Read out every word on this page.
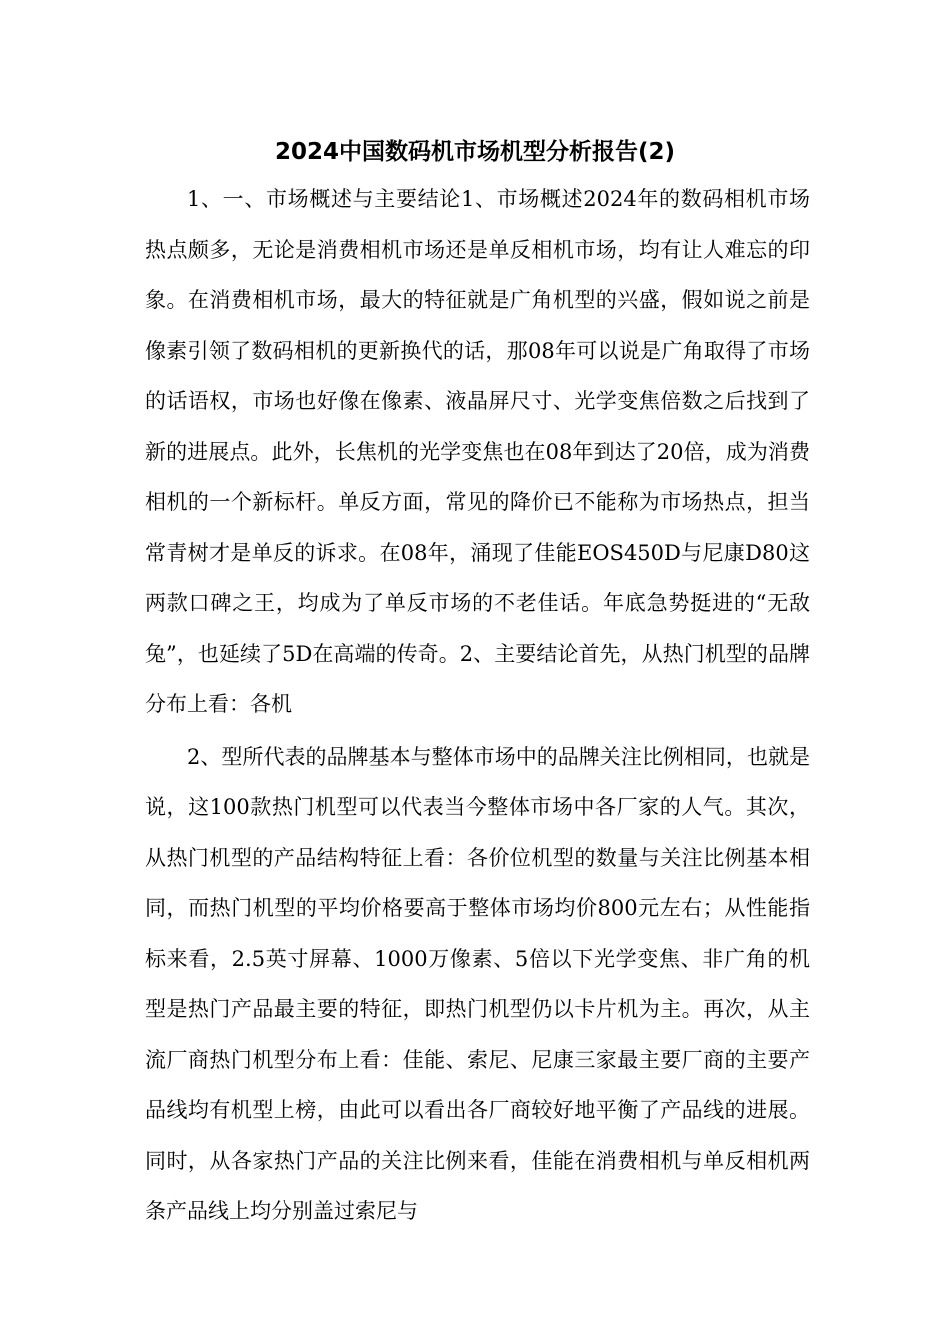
2024中国数码机市场机型分析报告(2)

1、一、市场概述与主要结论1、市场概述2024年的数码相机市场热点颇多，无论是消费相机市场还是单反相机市场，均有让人难忘的印象。在消费相机市场，最大的特征就是广角机型的兴盛，假如说之前是像素引领了数码相机的更新换代的话，那08年可以说是广角取得了市场的话语权，市场也好像在像素、液晶屏尺寸、光学变焦倍数之后找到了新的进展点。此外，长焦机的光学变焦也在08年到达了20倍，成为消费相机的一个新标杆。单反方面，常见的降价已不能称为市场热点，担当常青树才是单反的诉求。在08年，涌现了佳能EOS450D与尼康D80这两款口碑之王，均成为了单反市场的不老佳话。年底急势挺进的“无敌兔”，也延续了5D在高端的传奇。2、主要结论首先，从热门机型的品牌分布上看：各机

2、型所代表的品牌基本与整体市场中的品牌关注比例相同，也就是说，这100款热门机型可以代表当今整体市场中各厂家的人气。其次，从热门机型的产品结构特征上看：各价位机型的数量与关注比例基本相同，而热门机型的平均价格要高于整体市场均价800元左右；从性能指标来看，2.5英寸屏幕、1000万像素、5倍以下光学变焦、非广角的机型是热门产品最主要的特征，即热门机型仍以卡片机为主。再次，从主流厂商热门机型分布上看：佳能、索尼、尼康三家最主要厂商的主要产品线均有机型上榜，由此可以看出各厂商较好地平衡了产品线的进展。同时，从各家热门产品的关注比例来看，佳能在消费相机与单反相机两条产品线上均分别盖过索尼与
